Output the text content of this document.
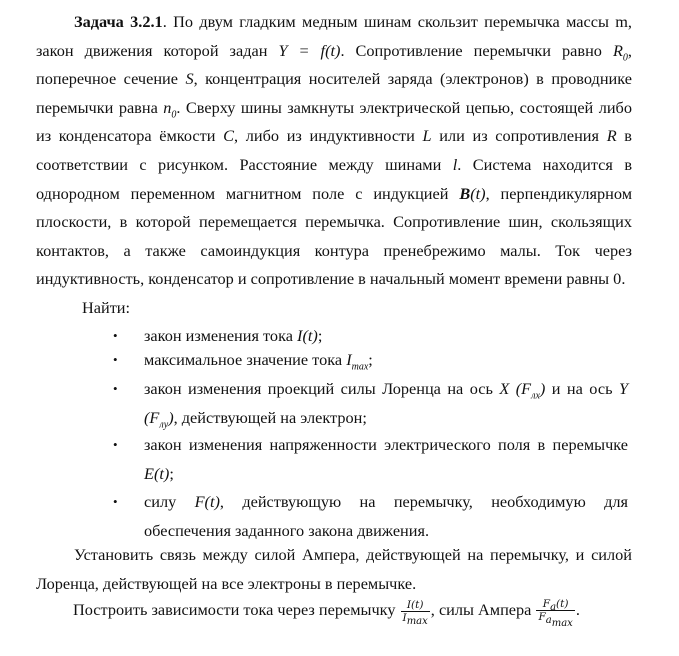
Задача 3.2.1. По двум гладким медным шинам скользит перемычка массы m, закон движения которой задан Y = f(t). Сопротивление перемычки равно $R_0$, поперечное сечение S, концентрация носителей заряда (электронов) в проводнике перемычки равна $n_0$. Сверху шины замкнуты электрической цепью, состоящей либо из конденсатора ёмкости C, либо из индуктивности L или из сопротивления R в соответствии с рисунком. Расстояние между шинами l. Система находится в однородном переменном магнитном поле с индукцией B(t), перпендикулярном плоскости, в которой перемещается перемычка. Сопротивление шин, скользящих контактов, а также самоиндукция контура пренебрежимо малы. Ток через индуктивность, конденсатор и сопротивление в начальный момент времени равны 0.

Найти:

• закон изменения тока I(t);

• максимальное значение тока $I_{max}$;

• закон изменения проекций силы Лоренца на ось X $(F_{лx})$ и на ось Y $(F_{лy})$, действующей на электрон;

• закон изменения напряженности электрического поля в перемычке E(t);

• силу F(t), действующую на перемычку, необходимую для обеспечения заданного закона движения.

Установить связь между силой Ампера, действующей на перемычку, и силой Лоренца, действующей на все электроны в перемычке.

Построить зависимости тока через перемычку $\frac{I(t)}{I_{max}}$ , силы Ампера $\frac{F_a(t)}{F_{a_{max}}}$ .
